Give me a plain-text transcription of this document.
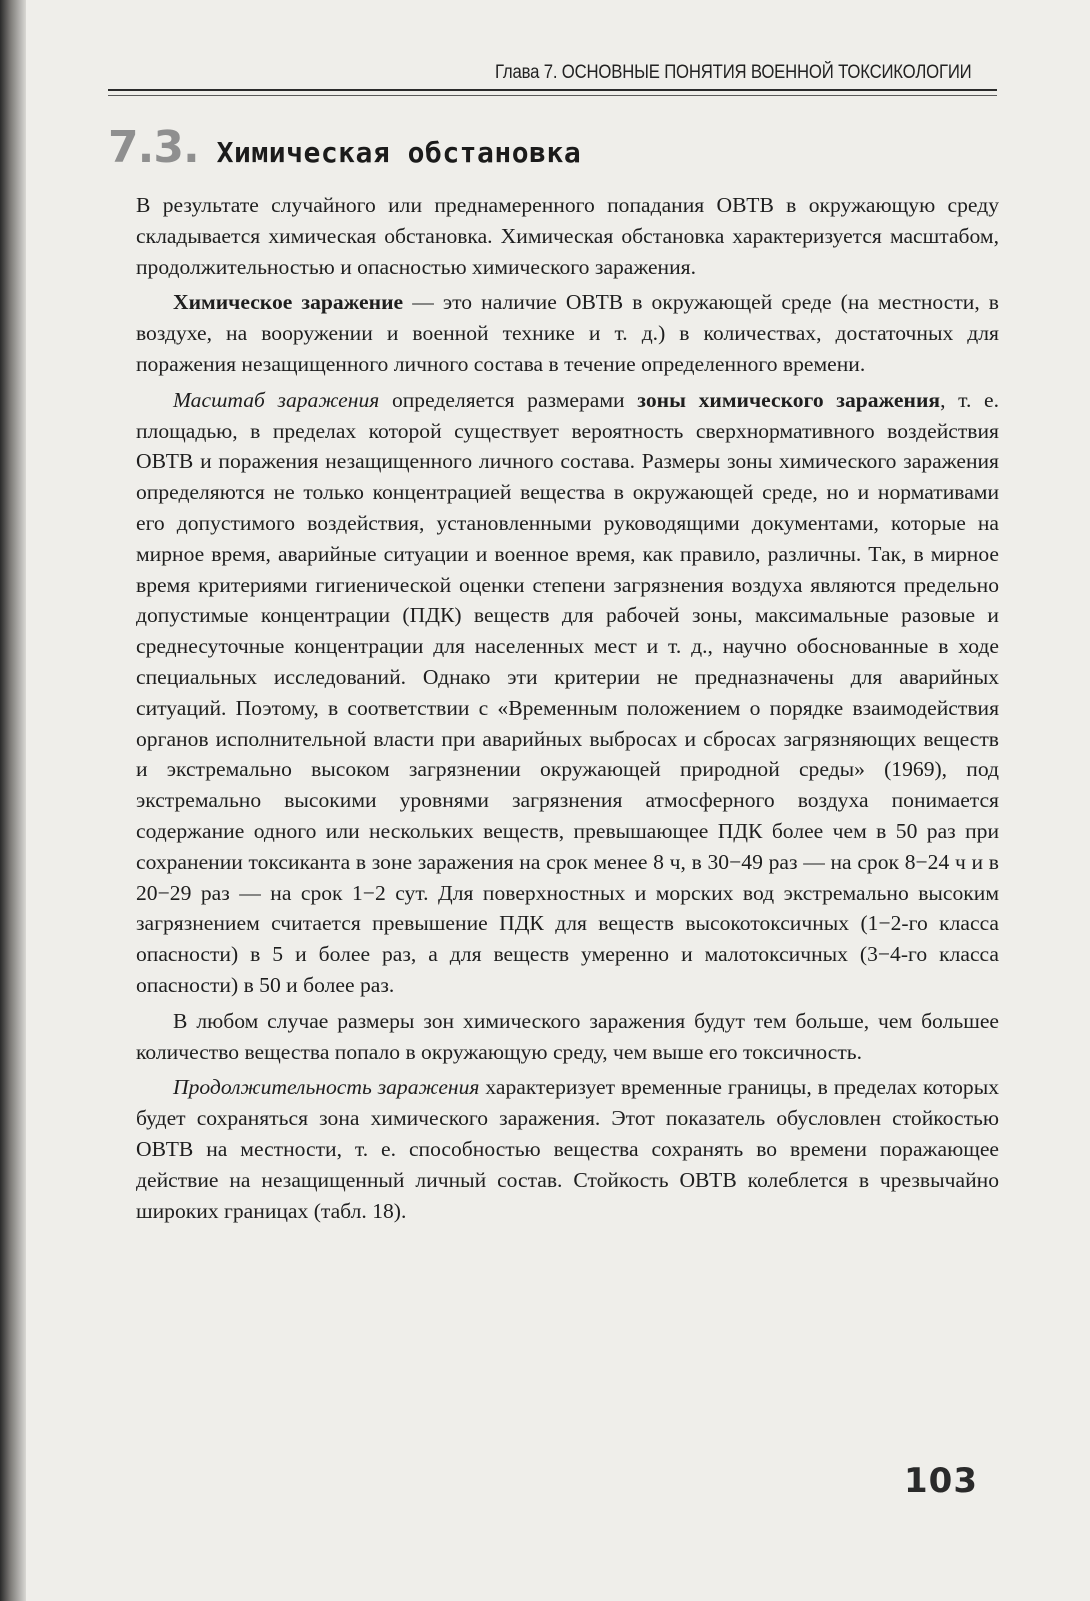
Глава 7. ОСНОВНЫЕ ПОНЯТИЯ ВОЕННОЙ ТОКСИКОЛОГИИ
7.3. Химическая обстановка

В результате случайного или преднамеренного попадания ОВТВ в окружающую среду складывается химическая обстановка. Химическая обстановка характеризуется масштабом, продолжительностью и опасностью химического заражения.

Химическое заражение — это наличие ОВТВ в окружающей среде (на местности, в воздухе, на вооружении и военной технике и т. д.) в количествах, достаточных для поражения незащищенного личного состава в течение определенного времени.

Масштаб заражения определяется размерами зоны химического заражения, т. е. площадью, в пределах которой существует вероятность сверхнормативного воздействия ОВТВ и поражения незащищенного личного состава. Размеры зоны химического заражения определяются не только концентрацией вещества в окружающей среде, но и нормативами его допустимого воздействия, установленными руководящими документами, которые на мирное время, аварийные ситуации и военное время, как правило, различны. Так, в мирное время критериями гигиенической оценки степени загрязнения воздуха являются предельно допустимые концентрации (ПДК) веществ для рабочей зоны, максимальные разовые и среднесуточные концентрации для населенных мест и т. д., научно обоснованные в ходе специальных исследований. Однако эти критерии не предназначены для аварийных ситуаций. Поэтому, в соответствии с «Временным положением о порядке взаимодействия органов исполнительной власти при аварийных выбросах и сбросах загрязняющих веществ и экстремально высоком загрязнении окружающей природной среды» (1969), под экстремально высокими уровнями загрязнения атмосферного воздуха понимается содержание одного или нескольких веществ, превышающее ПДК более чем в 50 раз при сохранении токсиканта в зоне заражения на срок менее 8 ч, в 30−49 раз — на срок 8−24 ч и в 20−29 раз — на срок 1−2 сут. Для поверхностных и морских вод экстремально высоким загрязнением считается превышение ПДК для веществ высокотоксичных (1−2-го класса опасности) в 5 и более раз, а для веществ умеренно и малотоксичных (3−4-го класса опасности) в 50 и более раз.

В любом случае размеры зон химического заражения будут тем больше, чем большее количество вещества попало в окружающую среду, чем выше его токсичность.

Продолжительность заражения характеризует временные границы, в пределах которых будет сохраняться зона химического заражения. Этот показатель обусловлен стойкостью ОВТВ на местности, т. е. способностью вещества сохранять во времени поражающее действие на незащищенный личный состав. Стойкость ОВТВ колеблется в чрезвычайно широких границах (табл. 18).

103
